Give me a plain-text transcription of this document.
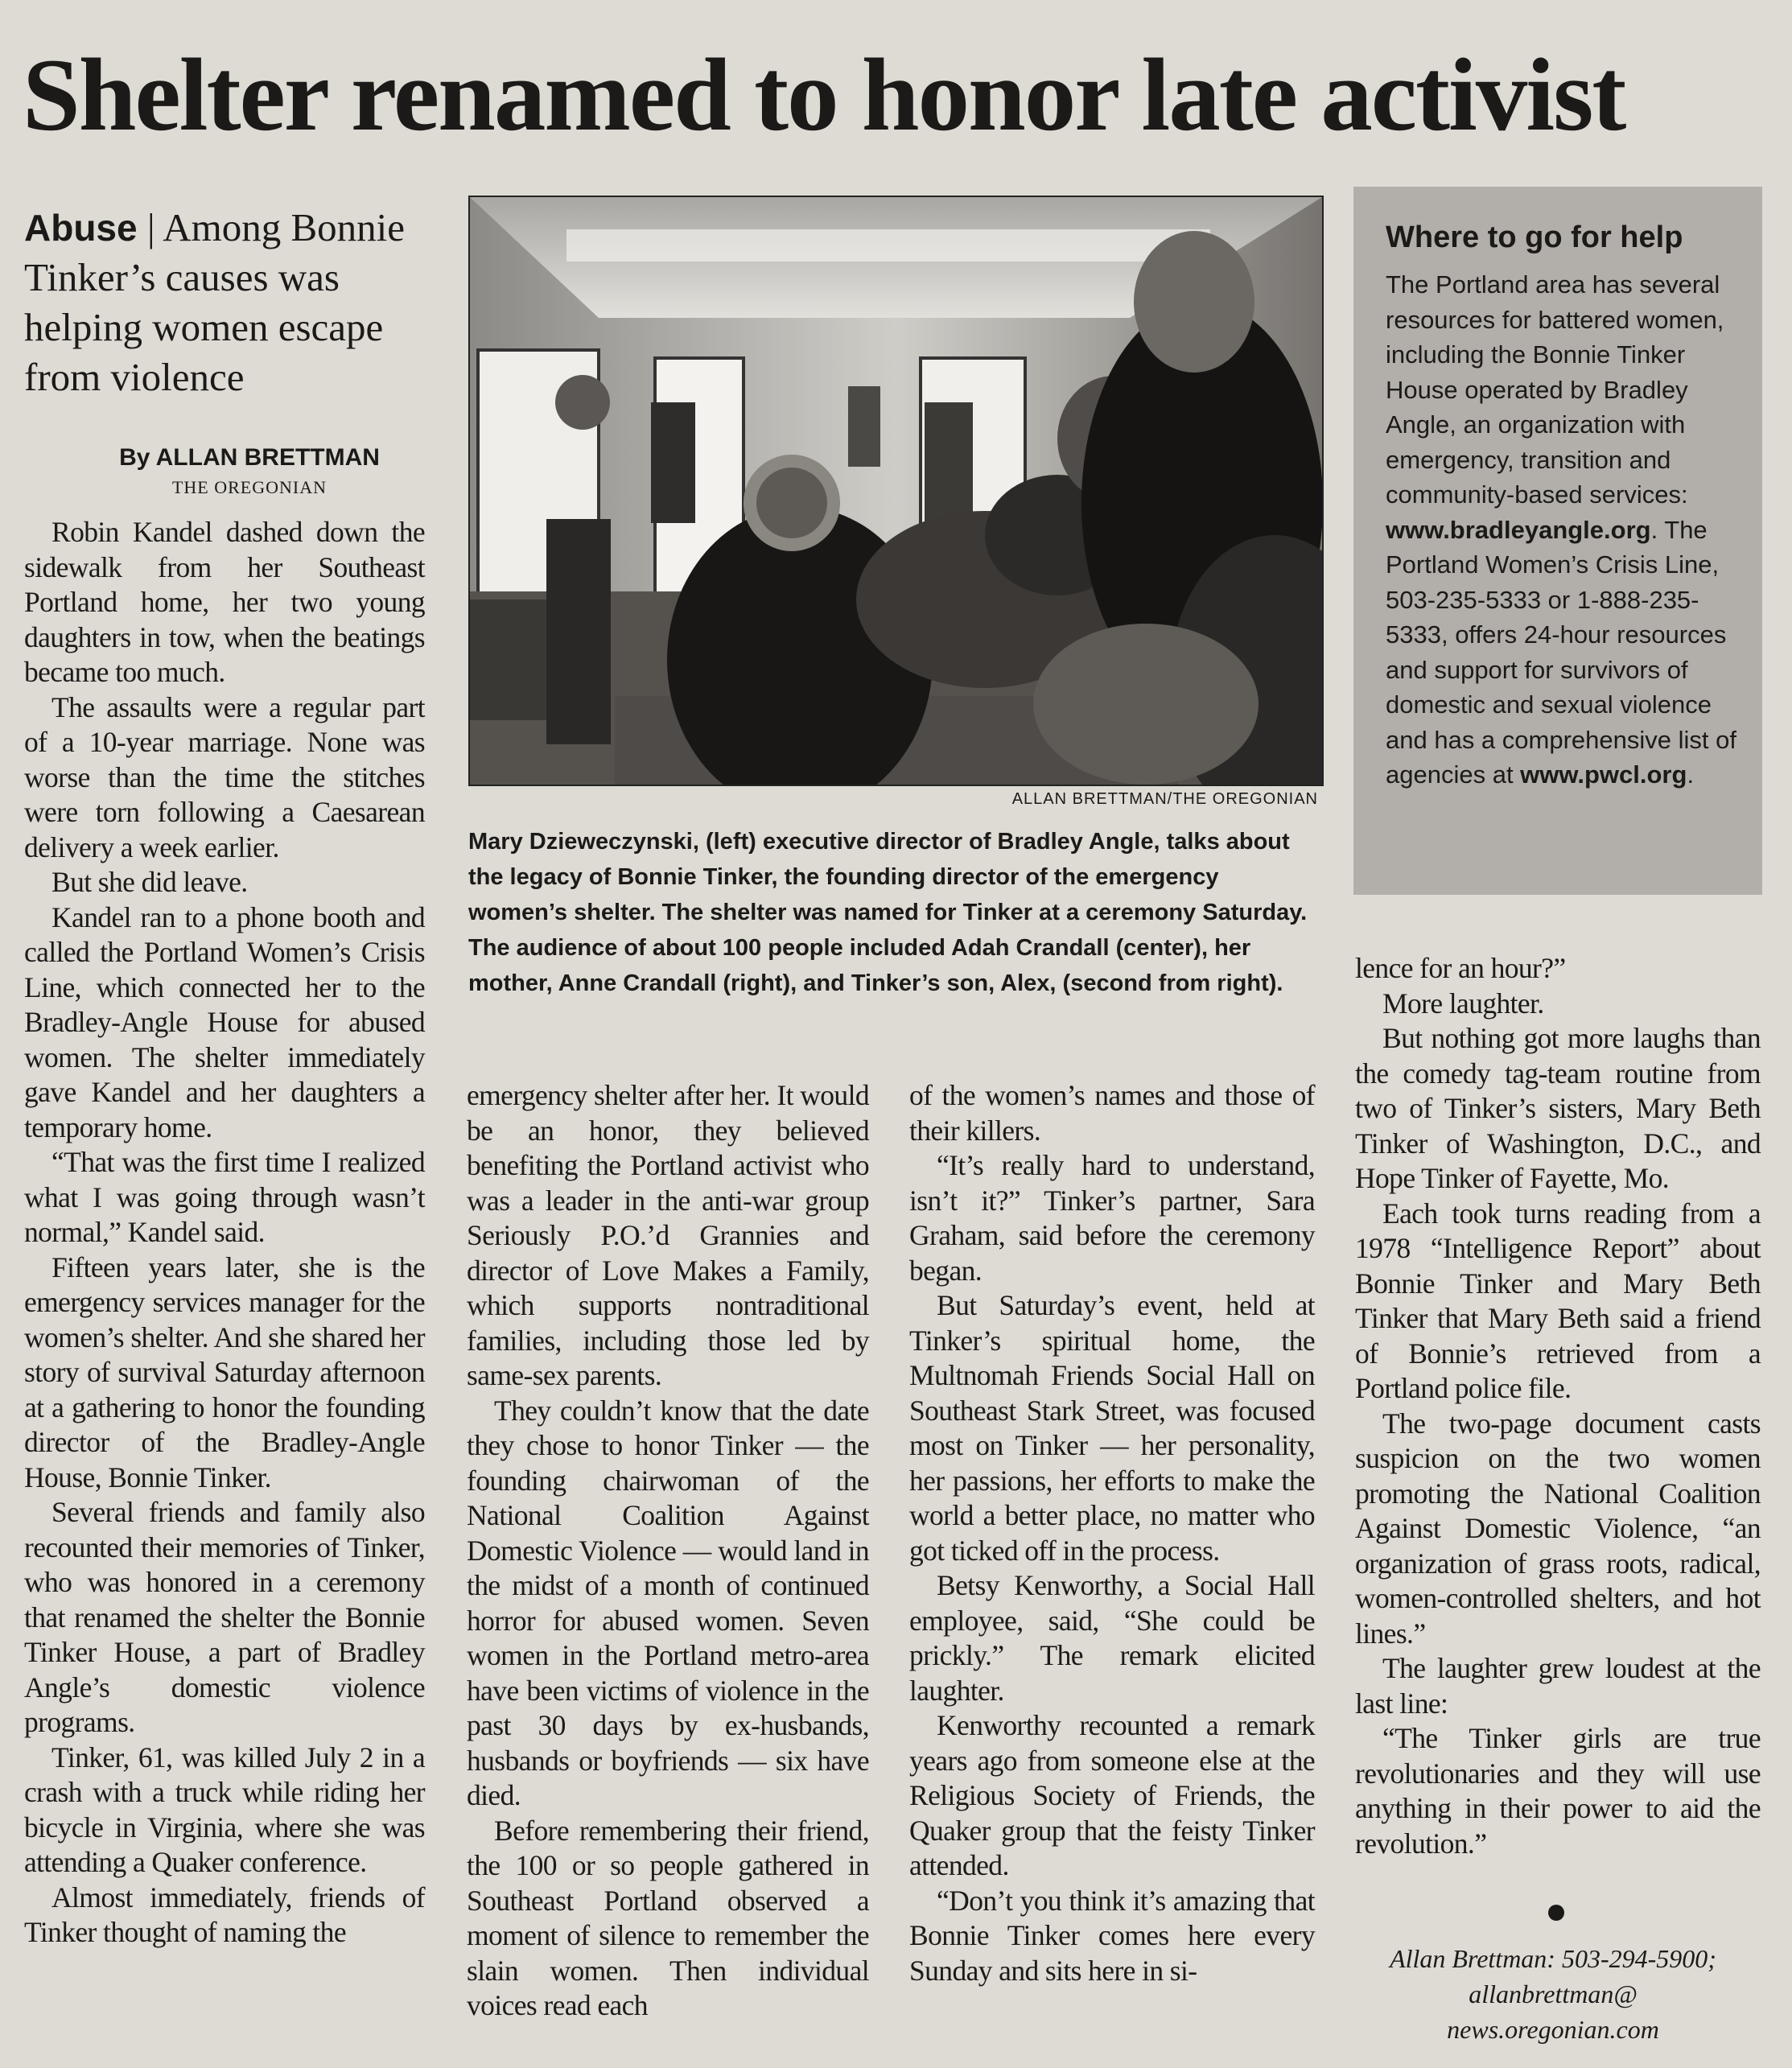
Shelter renamed to honor late activist
Abuse | Among Bonnie Tinker’s causes was helping women escape from violence
By ALLAN BRETTMAN
THE OREGONIAN

Robin Kandel dashed down the sidewalk from her Southeast Portland home, her two young daughters in tow, when the beatings became too much.

The assaults were a regular part of a 10-year marriage. None was worse than the time the stitches were torn following a Caesarean delivery a week earlier.

But she did leave.

Kandel ran to a phone booth and called the Portland Women’s Crisis Line, which connected her to the Bradley-Angle House for abused women. The shelter immediately gave Kandel and her daughters a temporary home.

“That was the first time I realized what I was going through wasn’t normal,” Kandel said.

Fifteen years later, she is the emergency services manager for the women’s shelter. And she shared her story of survival Saturday afternoon at a gathering to honor the founding director of the Bradley-Angle House, Bonnie Tinker.

Several friends and family also recounted their memories of Tinker, who was honored in a ceremony that renamed the shelter the Bonnie Tinker House, a part of Bradley Angle’s domestic violence programs.

Tinker, 61, was killed July 2 in a crash with a truck while riding her bicycle in Virginia, where she was attending a Quaker conference.

Almost immediately, friends of Tinker thought of naming the

ALLAN BRETTMAN/THE OREGONIAN

Mary Dzieweczynski, (left) executive director of Bradley Angle, talks about the legacy of Bonnie Tinker, the founding director of the emergency women’s shelter. The shelter was named for Tinker at a ceremony Saturday. The audience of about 100 people included Adah Crandall (center), her mother, Anne Crandall (right), and Tinker’s son, Alex, (second from right).

emergency shelter after her. It would be an honor, they believed benefiting the Portland activist who was a leader in the anti-war group Seriously P.O.’d Grannies and director of Love Makes a Family, which supports nontraditional families, including those led by same-sex parents.

They couldn’t know that the date they chose to honor Tinker — the founding chairwoman of the National Coalition Against Domestic Violence — would land in the midst of a month of continued horror for abused women. Seven women in the Portland metro-area have been victims of violence in the past 30 days by ex-husbands, husbands or boyfriends — six have died.

Before remembering their friend, the 100 or so people gathered in Southeast Portland observed a moment of silence to remember the slain women. Then individual voices read each

of the women’s names and those of their killers.

“It’s really hard to understand, isn’t it?” Tinker’s partner, Sara Graham, said before the ceremony began.

But Saturday’s event, held at Tinker’s spiritual home, the Multnomah Friends Social Hall on Southeast Stark Street, was focused most on Tinker — her personality, her passions, her efforts to make the world a better place, no matter who got ticked off in the process.

Betsy Kenworthy, a Social Hall employee, said, “She could be prickly.” The remark elicited laughter.

Kenworthy recounted a remark years ago from someone else at the Religious Society of Friends, the Quaker group that the feisty Tinker attended.

“Don’t you think it’s amazing that Bonnie Tinker comes here every Sunday and sits here in si-

Where to go for help

The Portland area has several resources for battered women, including the Bonnie Tinker House operated by Bradley Angle, an organization with emergency, transition and community-based services: www.bradleyangle.org. The Portland Women’s Crisis Line, 503-235-5333 or 1-888-235-5333, offers 24-hour resources and support for survivors of domestic and sexual violence and has a comprehensive list of agencies at www.pwcl.org.

lence for an hour?”

More laughter.

But nothing got more laughs than the comedy tag-team routine from two of Tinker’s sisters, Mary Beth Tinker of Washington, D.C., and Hope Tinker of Fayette, Mo.

Each took turns reading from a 1978 “Intelligence Report” about Bonnie Tinker and Mary Beth Tinker that Mary Beth said a friend of Bonnie’s retrieved from a Portland police file.

The two-page document casts suspicion on the two women promoting the National Coalition Against Domestic Violence, “an organization of grass roots, radical, women-controlled shelters, and hot lines.”

The laughter grew loudest at the last line:

“The Tinker girls are true revolutionaries and they will use anything in their power to aid the revolution.”

Allan Brettman: 503-294-5900;
allanbrettman@
news.oregonian.com
